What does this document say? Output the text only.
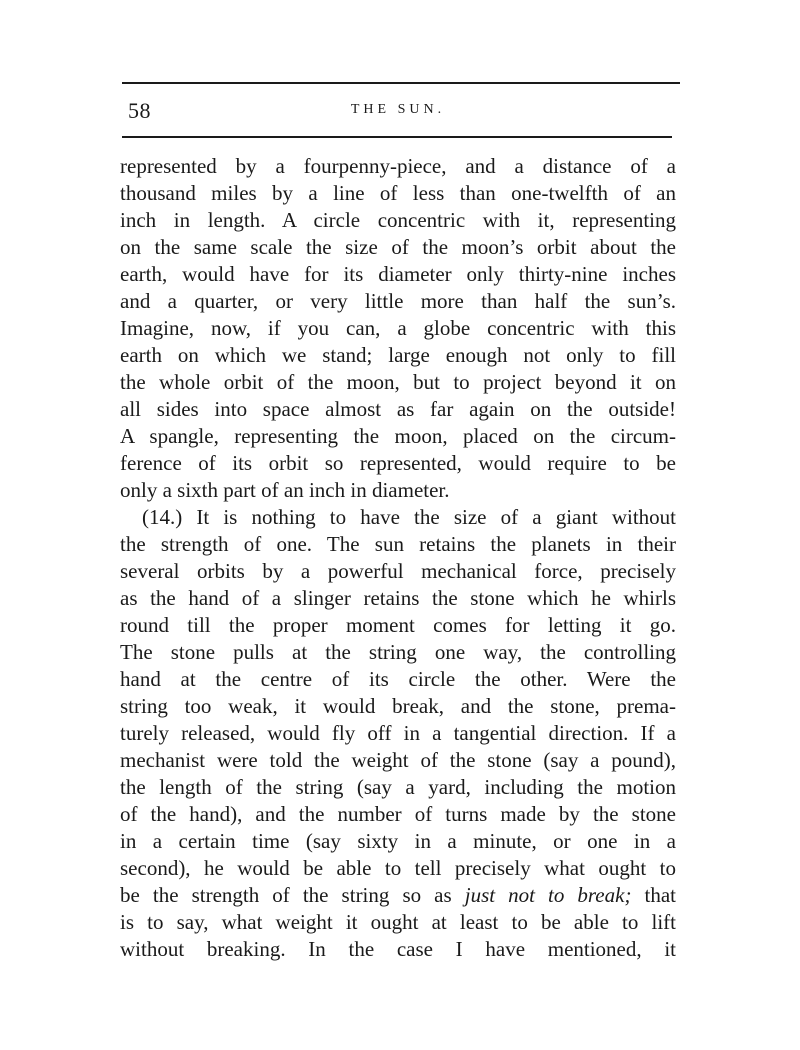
58	THE SUN.
represented by a fourpenny-piece, and a distance of a
thousand miles by a line of less than one-twelfth of an
inch in length. A circle concentric with it, representing
on the same scale the size of the moon’s orbit about the
earth, would have for its diameter only thirty-nine inches
and a quarter, or very little more than half the sun’s.
Imagine, now, if you can, a globe concentric with this
earth on which we stand; large enough not only to fill
the whole orbit of the moon, but to project beyond it on
all sides into space almost as far again on the outside!
A spangle, representing the moon, placed on the circum-
ference of its orbit so represented, would require to be
only a sixth part of an inch in diameter.
(14.) It is nothing to have the size of a giant without
the strength of one. The sun retains the planets in their
several orbits by a powerful mechanical force, precisely
as the hand of a slinger retains the stone which he whirls
round till the proper moment comes for letting it go.
The stone pulls at the string one way, the controlling
hand at the centre of its circle the other. Were the
string too weak, it would break, and the stone, prema-
turely released, would fly off in a tangential direction. If a
mechanist were told the weight of the stone (say a pound),
the length of the string (say a yard, including the motion
of the hand), and the number of turns made by the stone
in a certain time (say sixty in a minute, or one in a
second), he would be able to tell precisely what ought to
be the strength of the string so as just not to break; that
is to say, what weight it ought at least to be able to lift
without breaking. In the case I have mentioned, it
